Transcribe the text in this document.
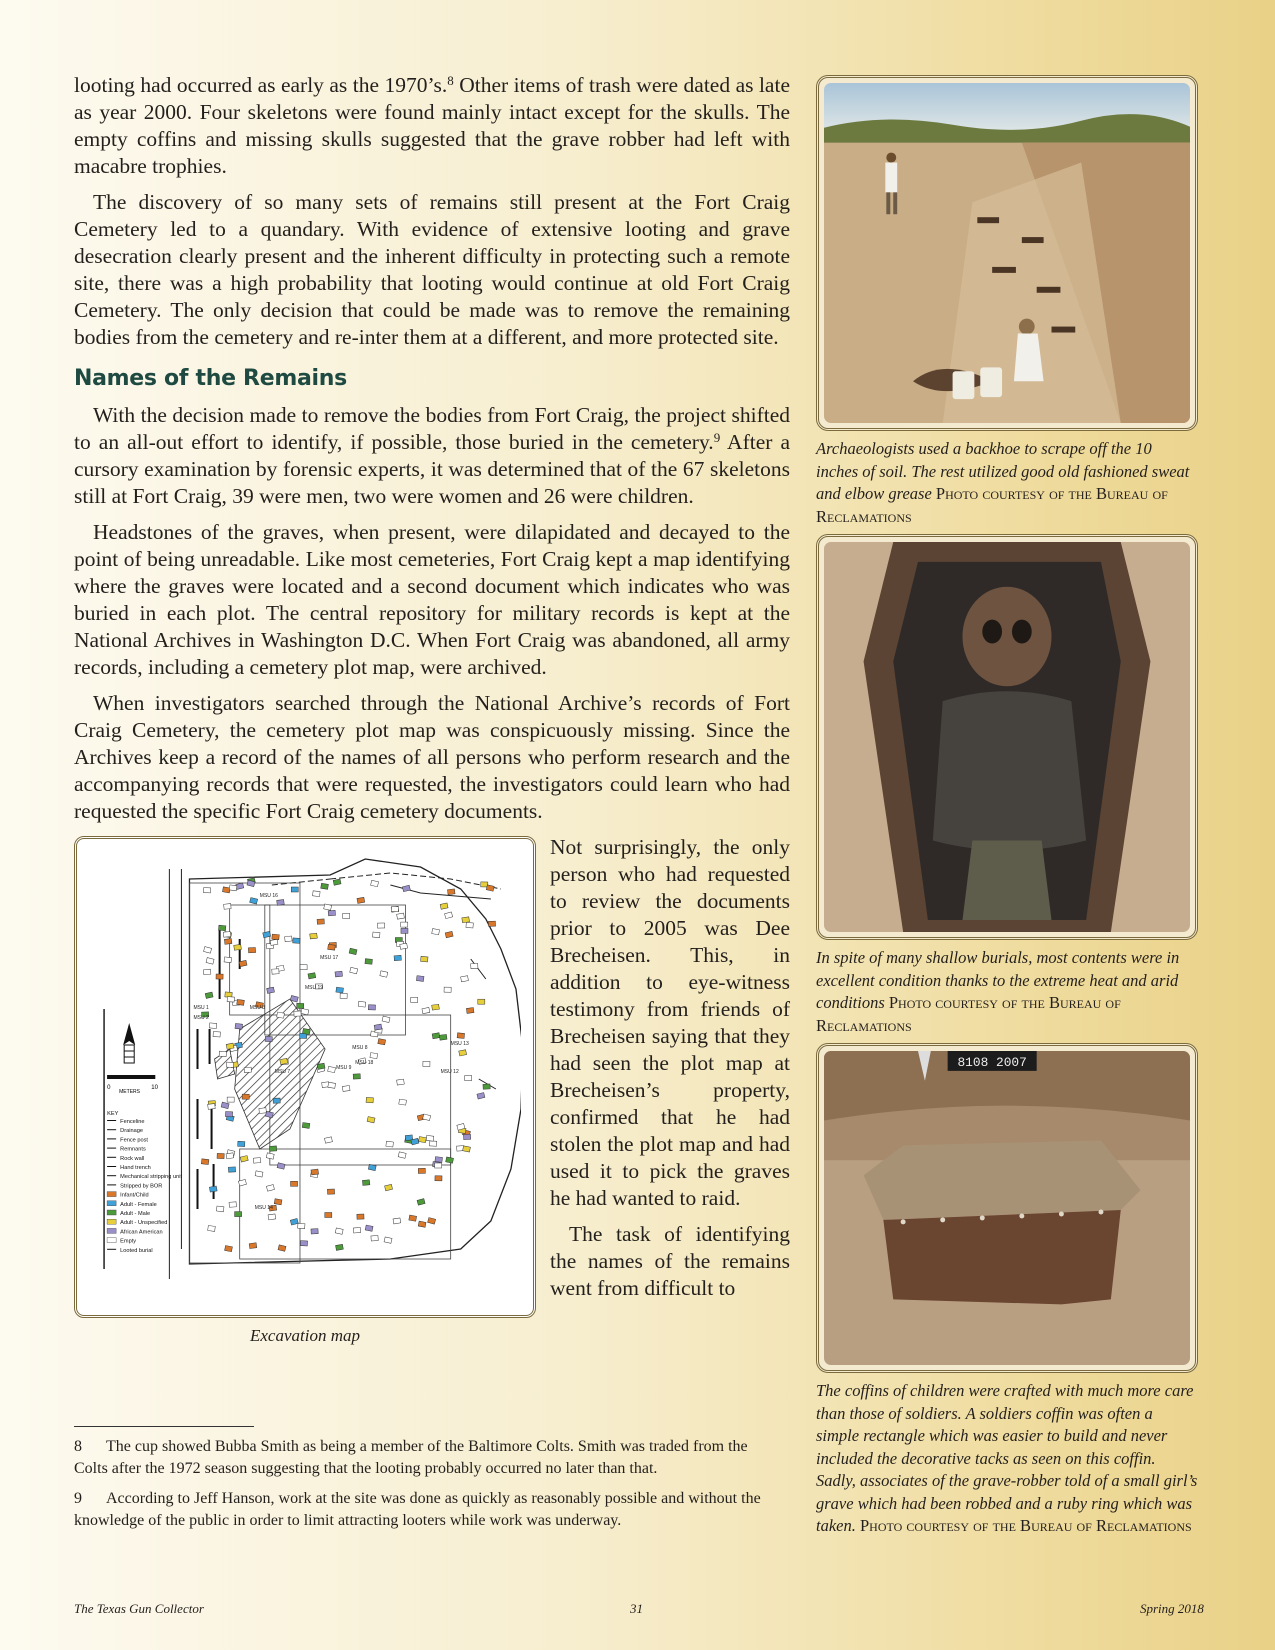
looting had occurred as early as the 1970’s.$^8$ Other items of trash were dated as late as year 2000. Four skeletons were found mainly intact except for the skulls. The empty coffins and missing skulls suggested that the grave robber had left with macabre trophies.

The discovery of so many sets of remains still present at the Fort Craig Cemetery led to a quandary. With evidence of extensive looting and grave desecration clearly present and the inherent difficulty in protecting such a remote site, there was a high probability that looting would continue at old Fort Craig Cemetery. The only decision that could be made was to remove the remaining bodies from the cemetery and re-inter them at a different, and more protected site.

Names of the Remains

With the decision made to remove the bodies from Fort Craig, the project shifted to an all-out effort to identify, if possible, those buried in the cemetery.$^9$ After a cursory examination by forensic experts, it was determined that of the 67 skeletons still at Fort Craig, 39 were men, two were women and 26 were children.

Headstones of the graves, when present, were dilapidated and decayed to the point of being unreadable. Like most cemeteries, Fort Craig kept a map identifying where the graves were located and a second document which indicates who was buried in each plot. The central repository for military records is kept at the National Archives in Washington D.C. When Fort Craig was abandoned, all army records, including a cemetery plot map, were archived.

When investigators searched through the National Archive’s records of Fort Craig Cemetery, the cemetery plot map was conspicuously missing. Since the Archives keep a record of the names of all persons who perform research and the accompanying records that were requested, the investigators could learn who had requested the specific Fort Craig cemetery documents.

0
METERS
10
KEY
Fenceline
Drainage
Fence post
Remnants
Rock wall
Hand trench
Mechanical stripping unit
Stripped by BOR
Infant/Child
Adult - Female
Adult - Male
Adult - Unspecified
African American
Empty
Looted burial
MSU 16
MSU 17
MSU 18
MSU 19
MSU 2
MSU 1	MSU 3
MSU 7
MSU 8
MSU 9
MSU 12
MSU 13
MSU 14
Excavation map

Not surprisingly, the only person who had requested to review the documents prior to 2005 was Dee Brecheisen. This, in addition to eye-witness testimony from friends of Brecheisen saying that they had seen the plot map at Brecheisen’s property, confirmed that he had stolen the plot map and had used it to pick the graves he had wanted to raid.

The task of identifying the names of the remains went from difficult to

8 The cup showed Bubba Smith as being a member of the Baltimore Colts. Smith was traded from the Colts after the 1972 season suggesting that the looting probably occurred no later than that.

9 According to Jeff Hanson, work at the site was done as quickly as reasonably possible and without the knowledge of the public in order to limit attracting looters while work was underway.

Archaeologists used a backhoe to scrape off the 10 inches of soil. The rest utilized good old fashioned sweat and elbow grease Photo courtesy of the Bureau of Reclamations
In spite of many shallow burials, most contents were in excellent condition thanks to the extreme heat and arid conditions Photo courtesy of the Bureau of Reclamations
8108 2007
The coffins of children were crafted with much more care than those of soldiers. A soldiers coffin was often a simple rectangle which was easier to build and never included the decorative tacks as seen on this coffin. Sadly, associates of the grave-robber told of a small girl’s grave which had been robbed and a ruby ring which was taken. Photo courtesy of the Bureau of Reclamations
The Texas Gun Collector	31	Spring 2018
